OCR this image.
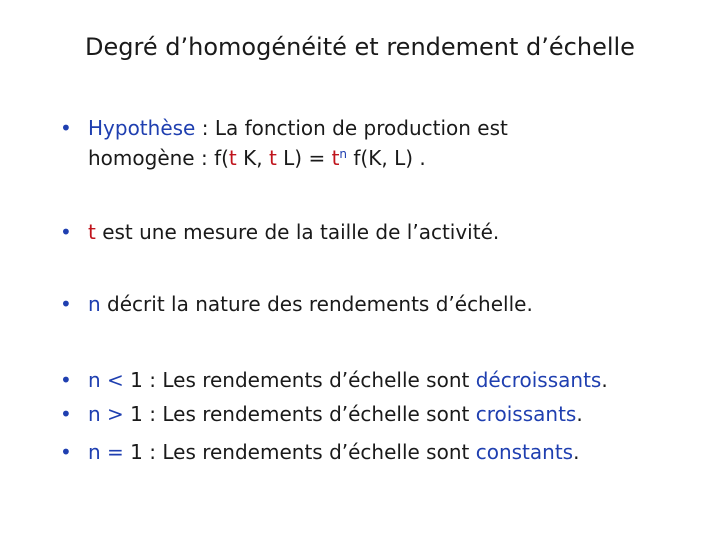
Degré d’homogénéité et rendement d’échelle
• Hypothèse : La fonction de production est
homogène : f(t K, t $L) = t^n$ f(K, L) .
• t est une mesure de la taille de l’activité.
• n décrit la nature des rendements d’échelle.
• n < 1 : Les rendements d’échelle sont décroissants.
• n > 1 : Les rendements d’échelle sont croissants.
• n = 1 : Les rendements d’échelle sont constants.
